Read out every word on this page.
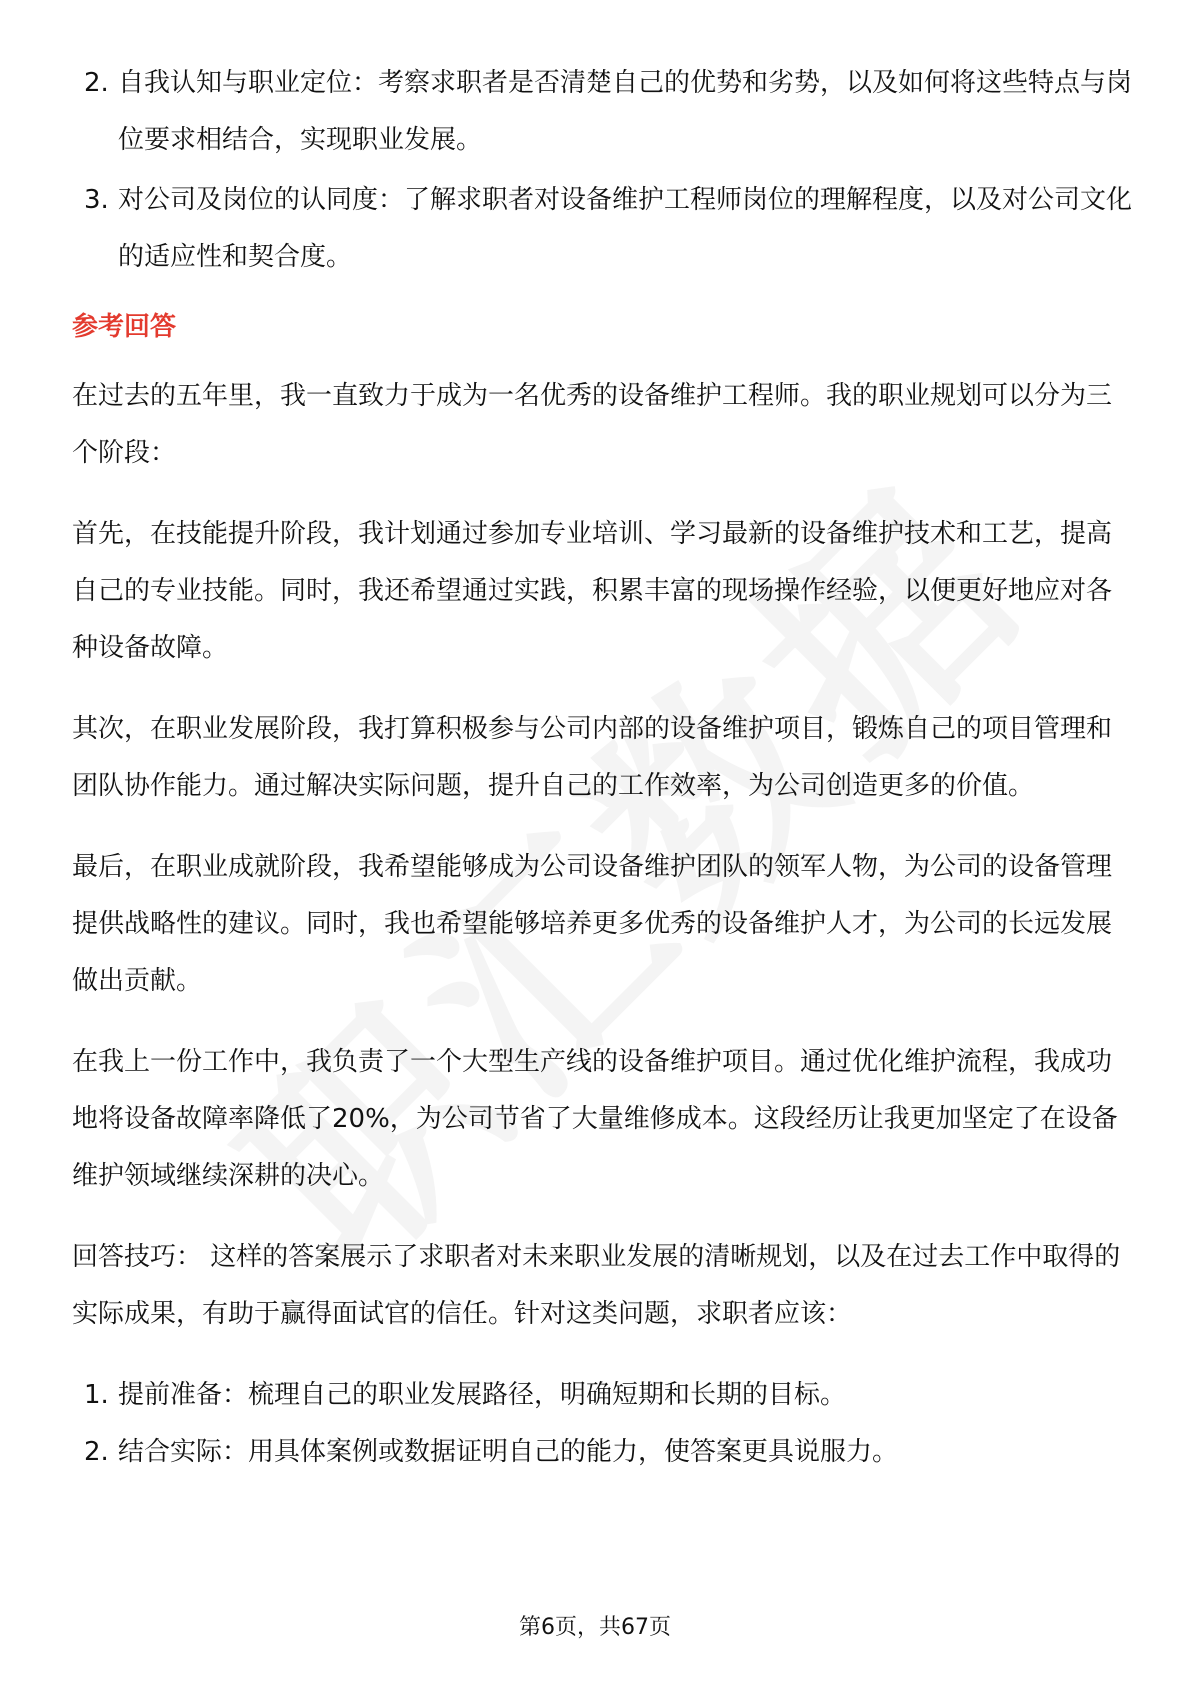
2. 自我认知与职业定位：考察求职者是否清楚自己的优势和劣势，以及如何将这些特点与岗位要求相结合，实现职业发展。
3. 对公司及岗位的认同度：了解求职者对设备维护工程师岗位的理解程度，以及对公司文化的适应性和契合度。
参考回答

在过去的五年里，我一直致力于成为一名优秀的设备维护工程师。我的职业规划可以分为三个阶段：

首先，在技能提升阶段，我计划通过参加专业培训、学习最新的设备维护技术和工艺，提高自己的专业技能。同时，我还希望通过实践，积累丰富的现场操作经验，以便更好地应对各种设备故障。

其次，在职业发展阶段，我打算积极参与公司内部的设备维护项目，锻炼自己的项目管理和团队协作能力。通过解决实际问题，提升自己的工作效率，为公司创造更多的价值。

最后，在职业成就阶段，我希望能够成为公司设备维护团队的领军人物，为公司的设备管理提供战略性的建议。同时，我也希望能够培养更多优秀的设备维护人才，为公司的长远发展做出贡献。

在我上一份工作中，我负责了一个大型生产线的设备维护项目。通过优化维护流程，我成功地将设备故障率降低了20%，为公司节省了大量维修成本。这段经历让我更加坚定了在设备维护领域继续深耕的决心。

回答技巧： 这样的答案展示了求职者对未来职业发展的清晰规划，以及在过去工作中取得的实际成果，有助于赢得面试官的信任。针对这类问题，求职者应该：

1. 提前准备：梳理自己的职业发展路径，明确短期和长期的目标。
2. 结合实际：用具体案例或数据证明自己的能力，使答案更具说服力。
第6页，共67页
